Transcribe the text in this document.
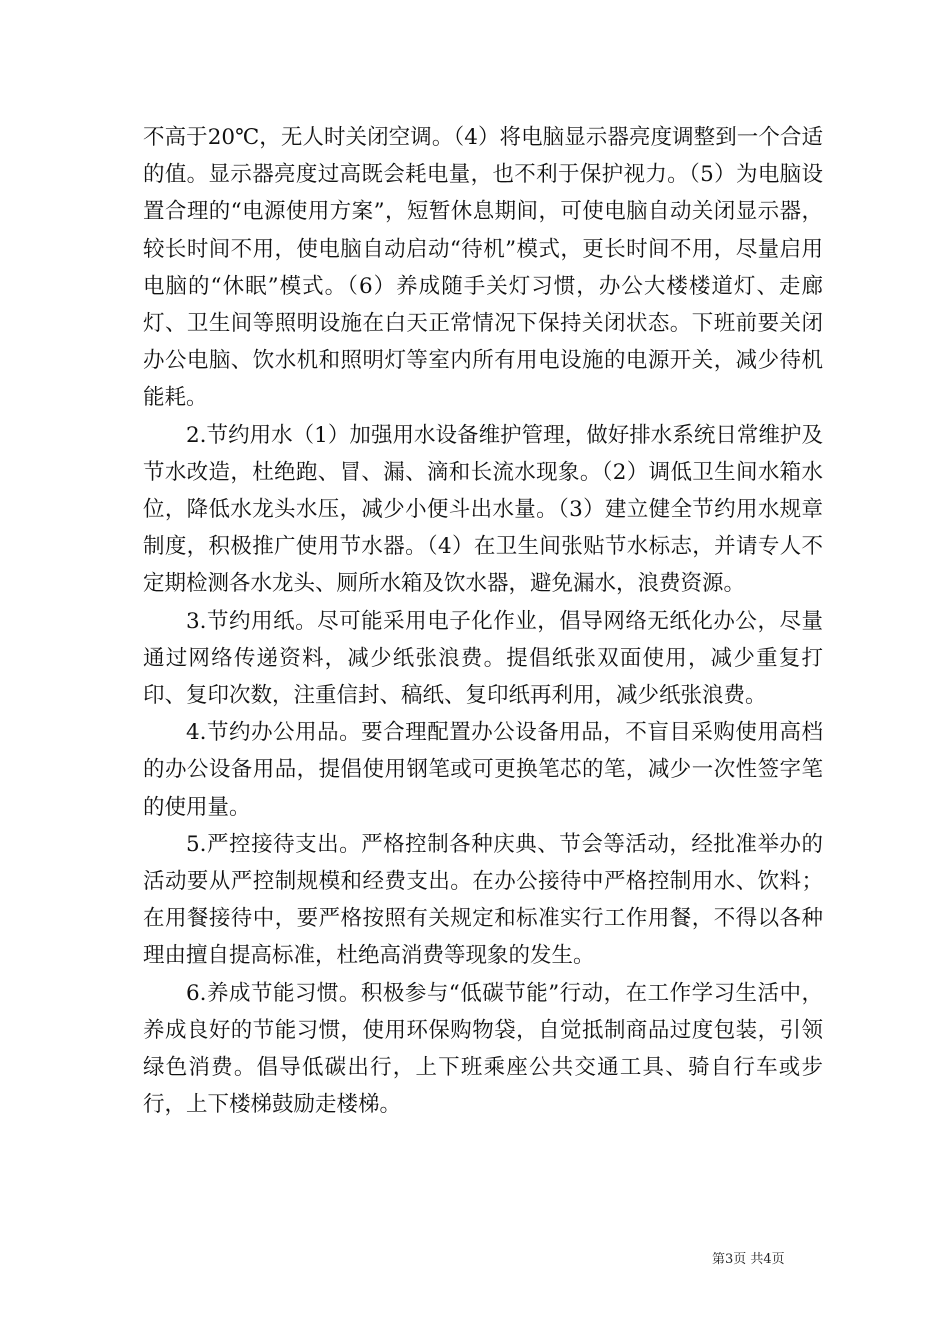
不高于20℃，无人时关闭空调。（4）将电脑显示器亮度调整到一个合适的值。显示器亮度过高既会耗电量，也不利于保护视力。（5）为电脑设置合理的“电源使用方案”，短暂休息期间，可使电脑自动关闭显示器，较长时间不用，使电脑自动启动“待机”模式，更长时间不用，尽量启用电脑的“休眠”模式。（6）养成随手关灯习惯，办公大楼楼道灯、走廊灯、卫生间等照明设施在白天正常情况下保持关闭状态。下班前要关闭办公电脑、饮水机和照明灯等室内所有用电设施的电源开关，减少待机能耗。

2.节约用水（1）加强用水设备维护管理，做好排水系统日常维护及节水改造，杜绝跑、冒、漏、滴和长流水现象。（2）调低卫生间水箱水位，降低水龙头水压，减少小便斗出水量。（3）建立健全节约用水规章制度，积极推广使用节水器。（4）在卫生间张贴节水标志，并请专人不定期检测各水龙头、厕所水箱及饮水器，避免漏水，浪费资源。

3.节约用纸。尽可能采用电子化作业，倡导网络无纸化办公，尽量通过网络传递资料，减少纸张浪费。提倡纸张双面使用，减少重复打印、复印次数，注重信封、稿纸、复印纸再利用，减少纸张浪费。

4.节约办公用品。要合理配置办公设备用品，不盲目采购使用高档的办公设备用品，提倡使用钢笔或可更换笔芯的笔，减少一次性签字笔的使用量。

5.严控接待支出。严格控制各种庆典、节会等活动，经批准举办的活动要从严控制规模和经费支出。在办公接待中严格控制用水、饮料；在用餐接待中，要严格按照有关规定和标准实行工作用餐，不得以各种理由擅自提高标准，杜绝高消费等现象的发生。

6.养成节能习惯。积极参与“低碳节能”行动，在工作学习生活中，养成良好的节能习惯，使用环保购物袋，自觉抵制商品过度包装，引领绿色消费。倡导低碳出行，上下班乘座公共交通工具、骑自行车或步行，上下楼梯鼓励走楼梯。

第3页 共4页
